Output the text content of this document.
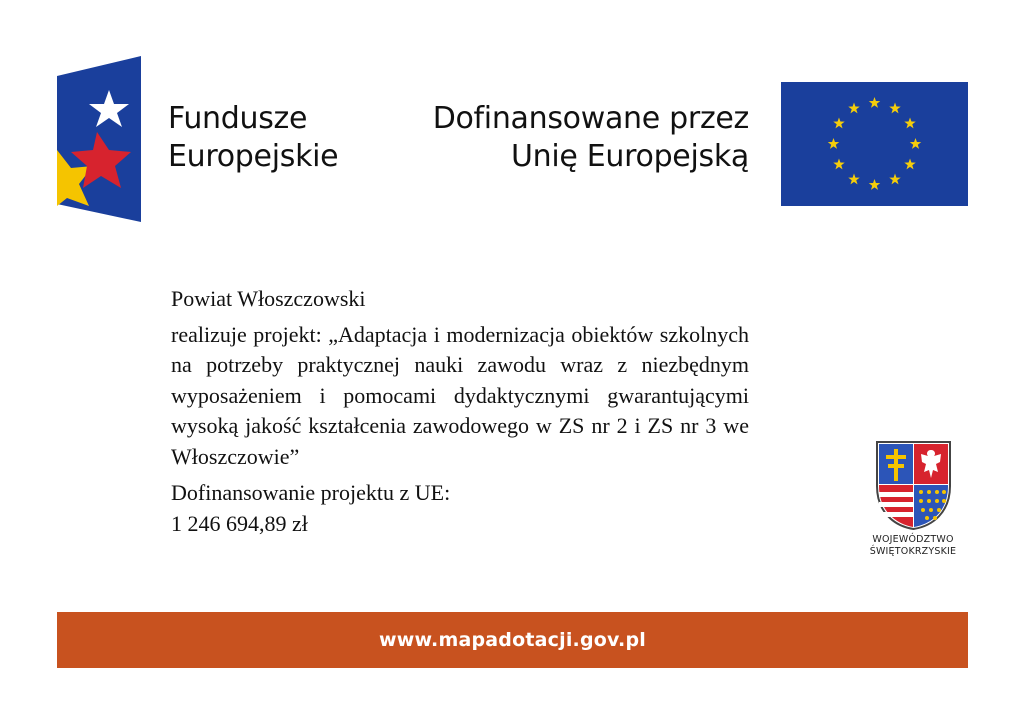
Fundusze
Europejskie
Dofinansowane przez
Unię Europejską

Powiat Włoszczowski

realizuje projekt: „Adaptacja i modernizacja obiektów szkolnych na potrzeby praktycznej nauki zawodu wraz z niezbędnym wyposażeniem i pomocami dydaktycznymi gwarantującymi wysoką jakość kształcenia zawodowego w ZS nr 2 i ZS nr 3 we Włoszczowie”

Dofinansowanie projektu z UE:

1 246 694,89 zł

WOJEWÓDZTWO
ŚWIĘTOKRZYSKIE
www.mapadotacji.gov.pl
